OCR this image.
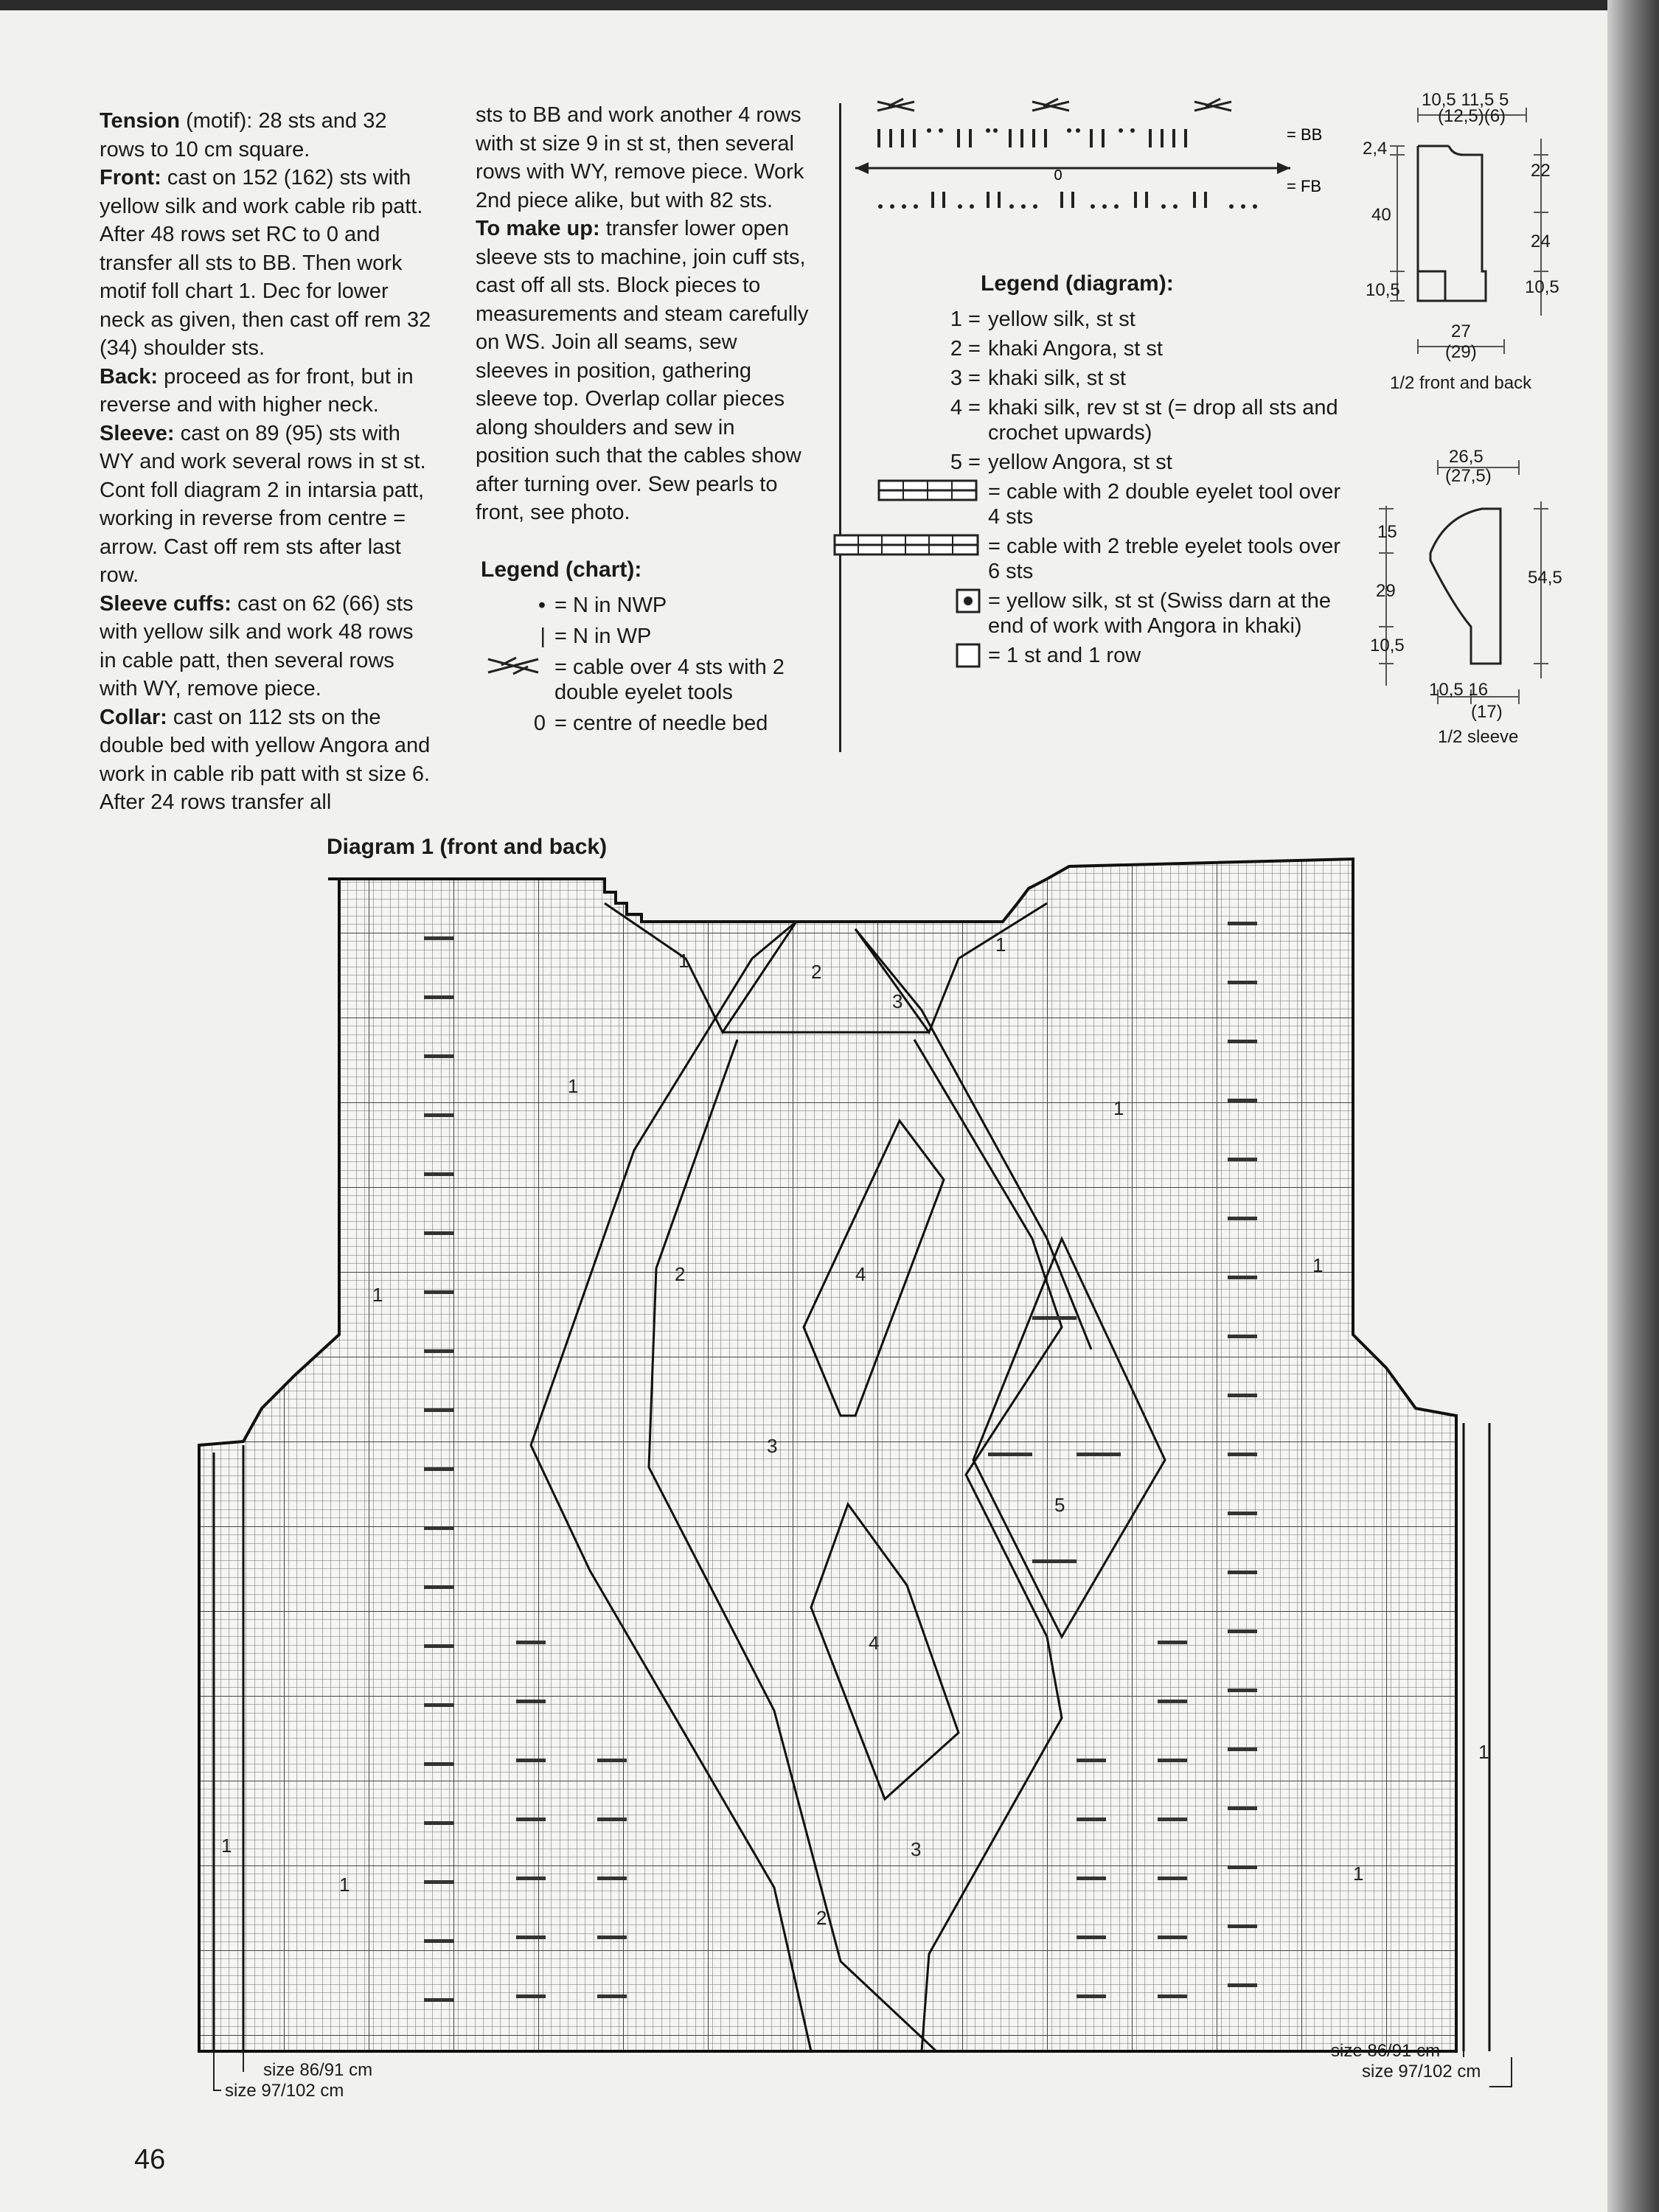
Tension (motif): 28 sts and 32 rows to 10 cm square.

Front: cast on 152 (162) sts with yellow silk and work cable rib patt. After 48 rows set RC to 0 and transfer all sts to BB. Then work motif foll chart 1. Dec for lower neck as given, then cast off rem 32 (34) shoulder sts.

Back: proceed as for front, but in reverse and with higher neck.

Sleeve: cast on 89 (95) sts with WY and work several rows in st st. Cont foll diagram 2 in intarsia patt, working in reverse from centre = arrow. Cast off rem sts after last row.

Sleeve cuffs: cast on 62 (66) sts with yellow silk and work 48 rows in cable patt, then several rows with WY, remove piece.

Collar: cast on 112 sts on the double bed with yellow Angora and work in cable rib patt with st size 6. After 24 rows transfer all

sts to BB and work another 4 rows with st size 9 in st st, then several rows with WY, remove piece. Work 2nd piece alike, but with 82 sts.

To make up: transfer lower open sleeve sts to machine, join cuff sts, cast off all sts. Block pieces to measurements and steam carefully on WS. Join all seams, sew sleeves in position, gathering sleeve top. Overlap collar pieces along shoulders and sew in position such that the cables show after turning over. Sew pearls to front, see photo.

Legend (chart):
• = N in NWP
| = N in WP
= cable over 4 sts with 2 double eyelet tools
0 = centre of needle bed
0
= BB
= FB
Legend (diagram):
1 = yellow silk, st st
2 = khaki Angora, st st
3 = khaki silk, st st
4 = khaki silk, rev st st (= drop all sts and crochet upwards)
5 = yellow Angora, st st
= cable with 2 double eyelet tool over 4 sts
= cable with 2 treble eyelet tools over 6 sts
= yellow silk, st st (Swiss darn at the end of work with Angora in khaki)
= 1 st and 1 row
10,5 11,5 5
(12,5)(6)
2,4
40
10,5
22
24
10,5
27
(29)
1/2 front and back
26,5
(27,5)
15
29
10,5
54,5
10,5 16
(17)
1/2 sleeve
Diagram 1 (front and back)
1	2
3
1
1
1
2	4	1
1
3
5
4
3
2
1
1	1
1
size 86/91 cm
size 97/102 cm
size 86/91 cm
size 97/102 cm
46
